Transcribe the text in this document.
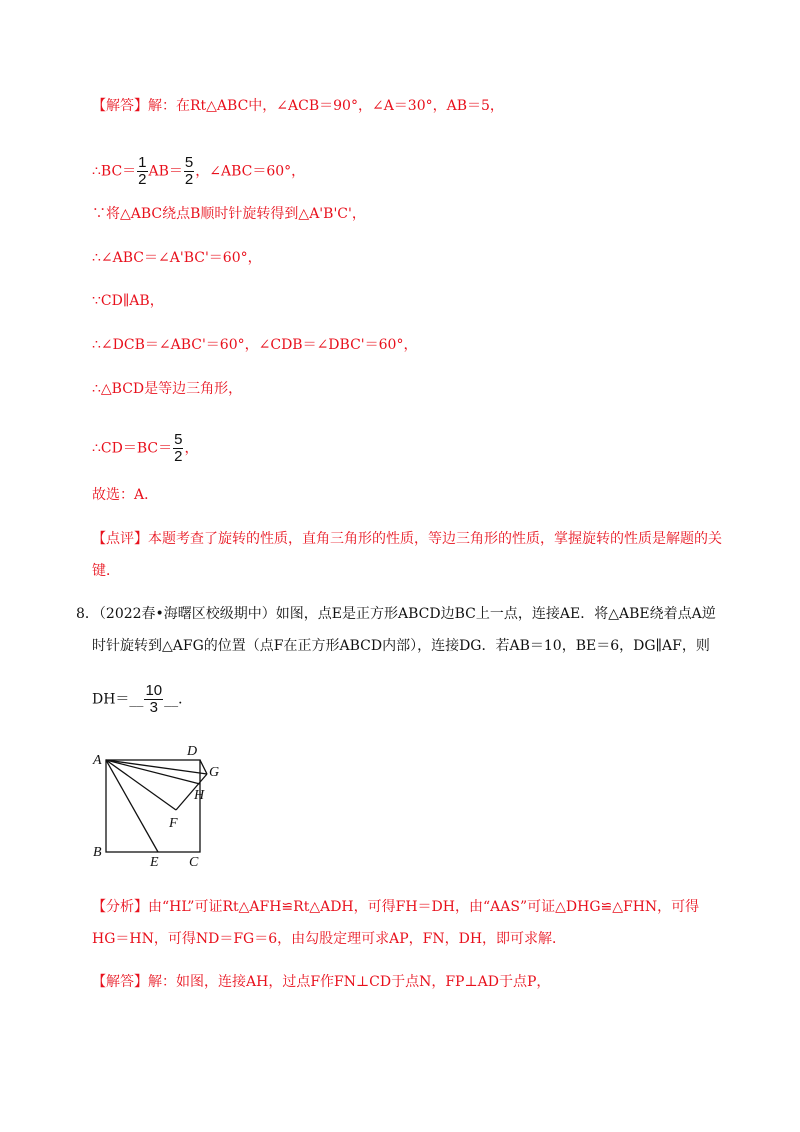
【解答】解：在Rt△ABC中，∠ACB＝90°，∠A＝30°，AB＝5，
∴BC＝ $\frac{1}{2} AB= \frac{5}{2}$ ，∠ABC＝60°，
∵将△ABC绕点B顺时针旋转得到△A'B'C'，
∴∠ABC＝∠A'BC'＝60°，
∵CD∥AB，
∴∠DCB＝∠ABC'＝60°，∠CDB＝∠DBC'＝60°，
∴△BCD是等边三角形，
∴CD＝BC＝ $\frac{5}{2}$ ，
故选：A．
【点评】本题考查了旋转的性质，直角三角形的性质，等边三角形的性质，掌握旋转的性质是解题的关
键．
8．（2022春•海曙区校级期中）如图，点E是正方形ABCD边BC上一点，连接AE．将△ABE绕着点A逆
时针旋转到△AFG的位置（点F在正方形ABCD内部），连接DG．若AB＝10，BE＝6，DG∥AF，则
DH＝__ $\frac{10}{3}$ __．
A
D
G
H
F
B
E C
【分析】由“HL”可证Rt△AFH≌Rt△ADH，可得FH＝DH，由“AAS”可证△DHG≌△FHN，可得
HG＝HN，可得ND＝FG＝6，由勾股定理可求AP，FN，DH，即可求解．
【解答】解：如图，连接AH，过点F作FN⊥CD于点N，FP⊥AD于点P，
